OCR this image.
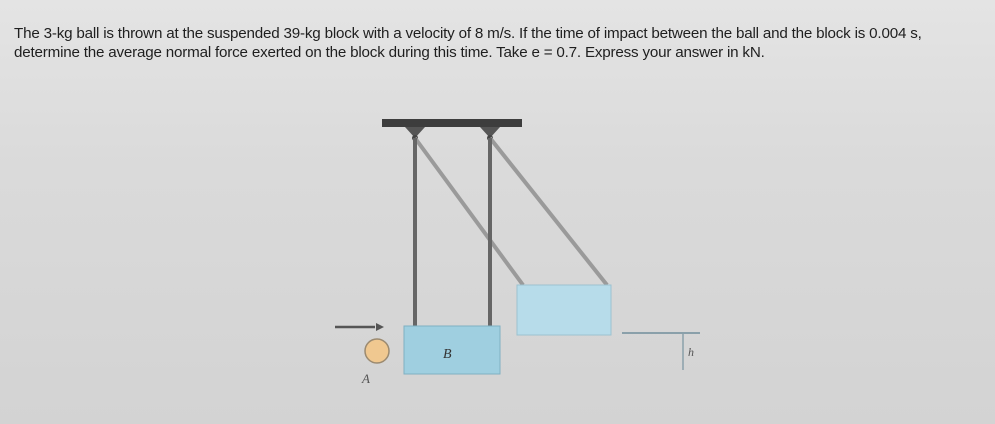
The 3-kg ball is thrown at the suspended 39-kg block with a velocity of 8 m/s. If the time of impact between the ball and the block is 0.004 s, determine the average normal force exerted on the block during this time. Take e = 0.7. Express your answer in kN.
B
A
h
